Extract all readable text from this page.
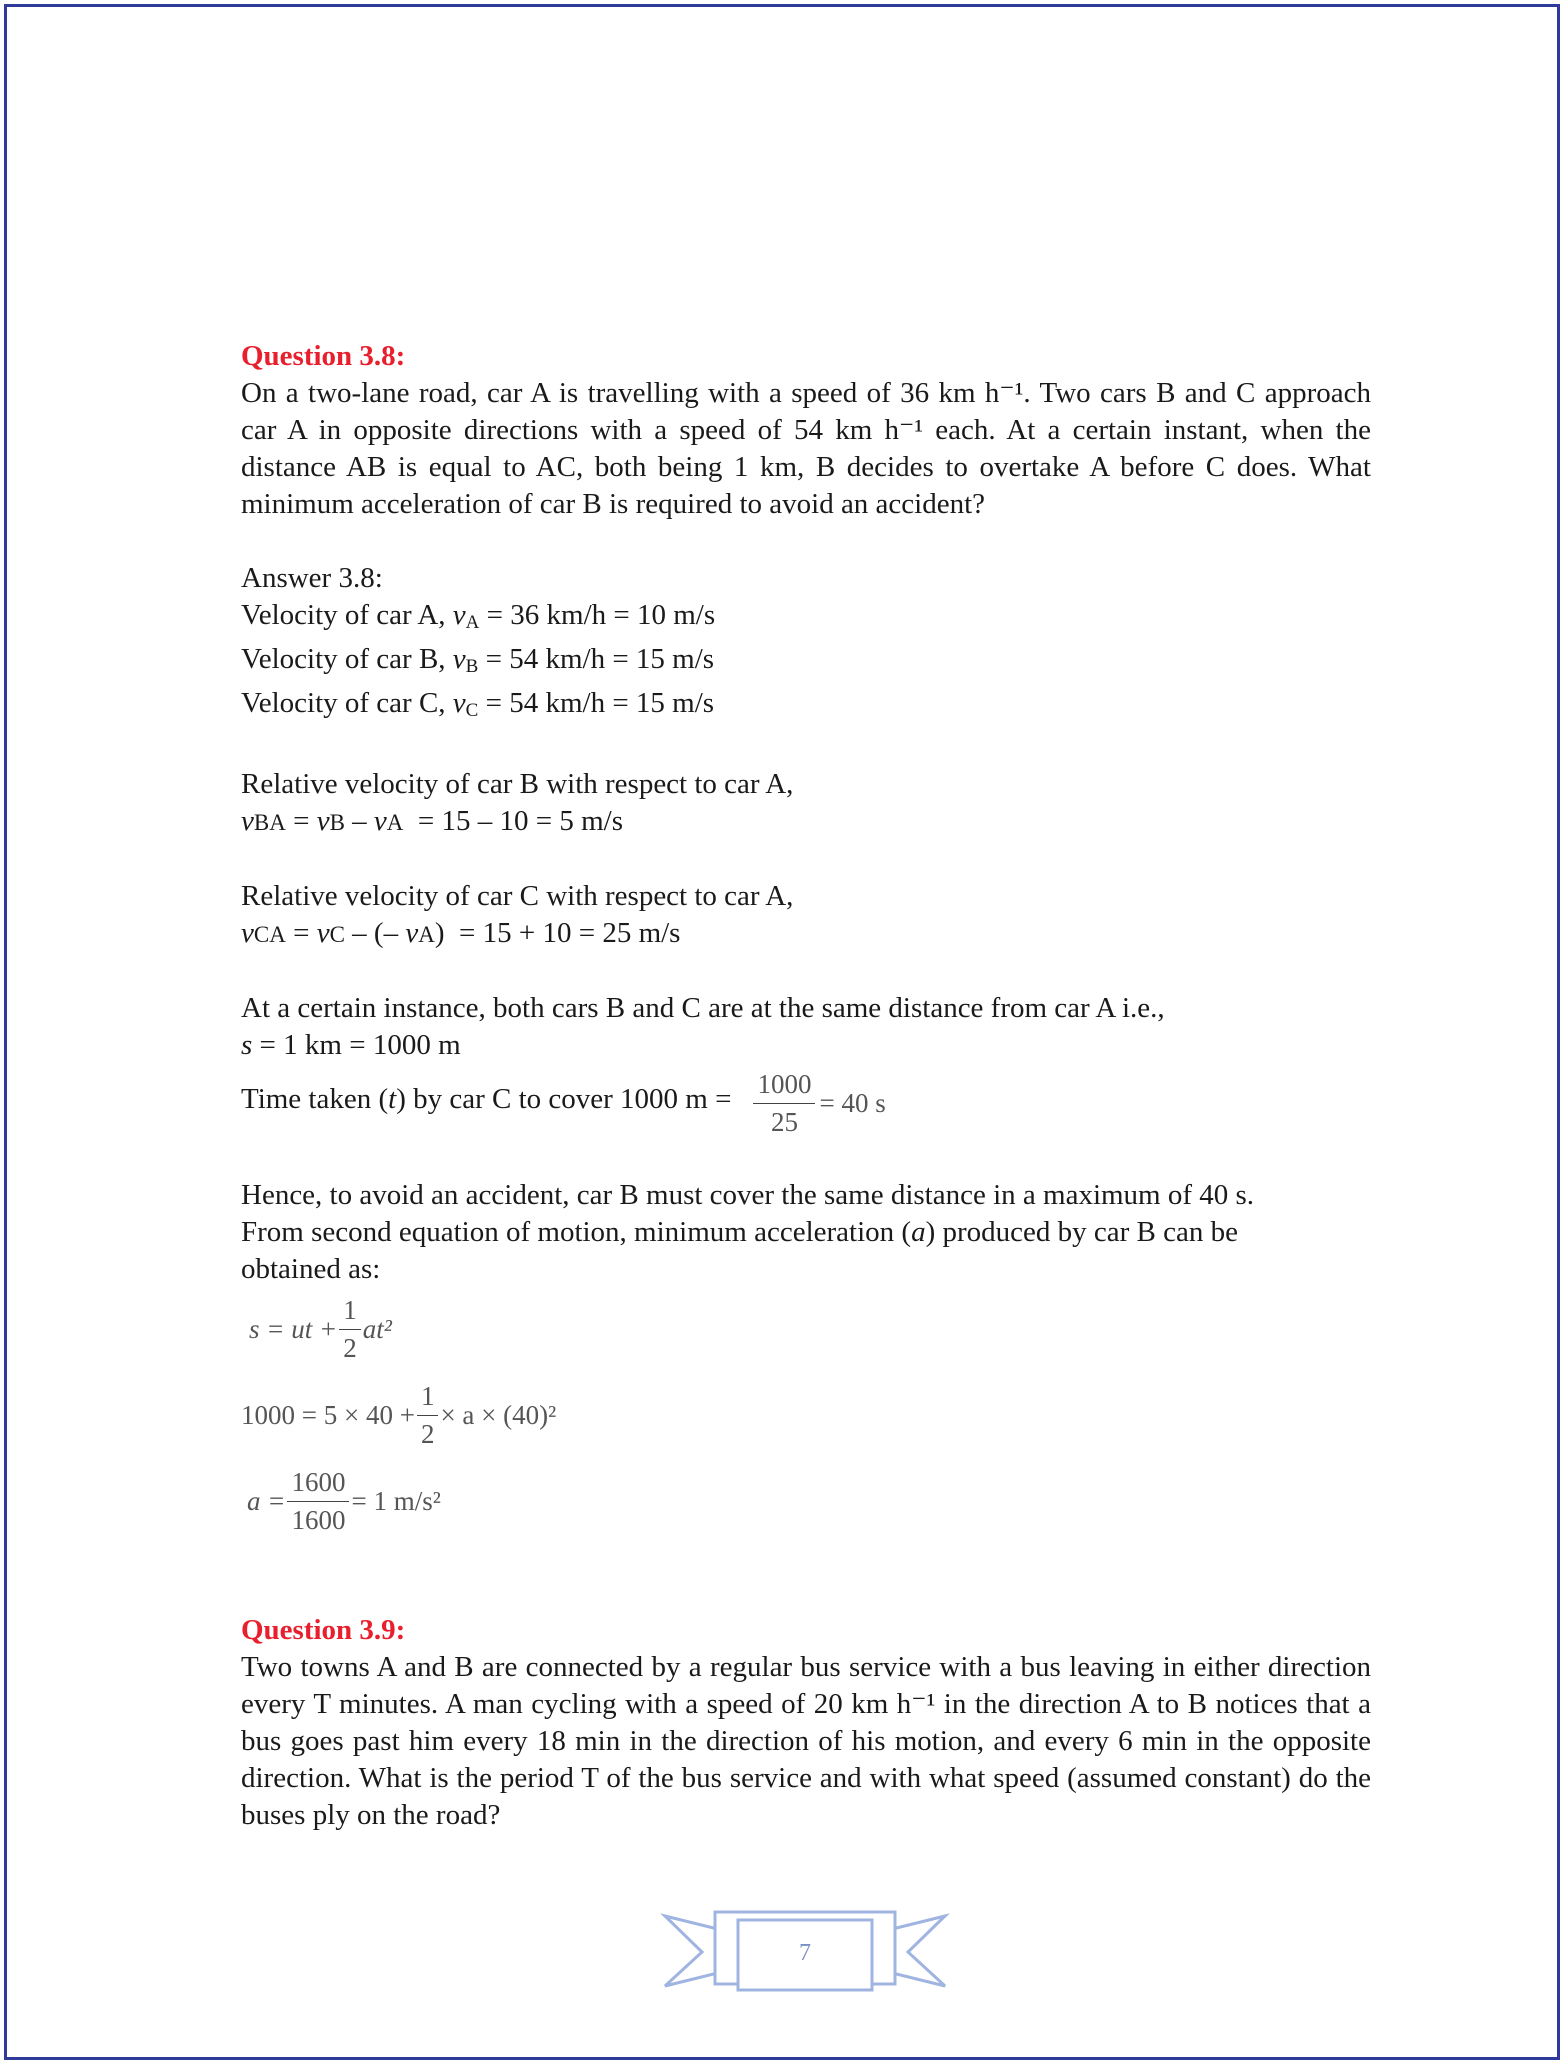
Question 3.8:

On a two-lane road, car A is travelling with a speed of 36 km h⁻¹. Two cars B and C approach car A in opposite directions with a speed of 54 km h⁻¹ each. At a certain instant, when the distance AB is equal to AC, both being 1 km, B decides to overtake A before C does. What minimum acceleration of car B is required to avoid an accident?

Answer 3.8:

Velocity of car A, $v_A = 36$ km/h = 10 m/s

Velocity of car B, $v_B = 54$ km/h = 15 m/s

Velocity of car C, $v_C = 54$ km/h = 15 m/s

Relative velocity of car B with respect to car A,

vBA = vB – vA = 15 – 10 = 5 m/s

Relative velocity of car C with respect to car A,

vCA = vC – (– vA)  = 15 + 10 = 25 m/s

At a certain instance, both cars B and C are at the same distance from car A i.e.,

s = 1 km = 1000 m

Time taken ( t ) by car C to cover 1000 $m = \frac{1000}{25} = 40$ s

Hence, to avoid an accident, car B must cover the same distance in a maximum of 40 s.

From second equation of motion, minimum acceleration (a) produced by car B can be

obtained as:

s = ut + $\frac{1}{2} at^2$
$1000 = 5 \times 40 + \frac{1}{2} \times a \times (40)^2$
$a = \frac{1600}{1600} = 1$ m/s²

Question 3.9:

Two towns A and B are connected by a regular bus service with a bus leaving in either direction every T minutes. A man cycling with a speed of 20 km h⁻¹ in the direction A to B notices that a bus goes past him every 18 min in the direction of his motion, and every 6 min in the opposite direction. What is the period T of the bus service and with what speed (assumed constant) do the buses ply on the road?

7
